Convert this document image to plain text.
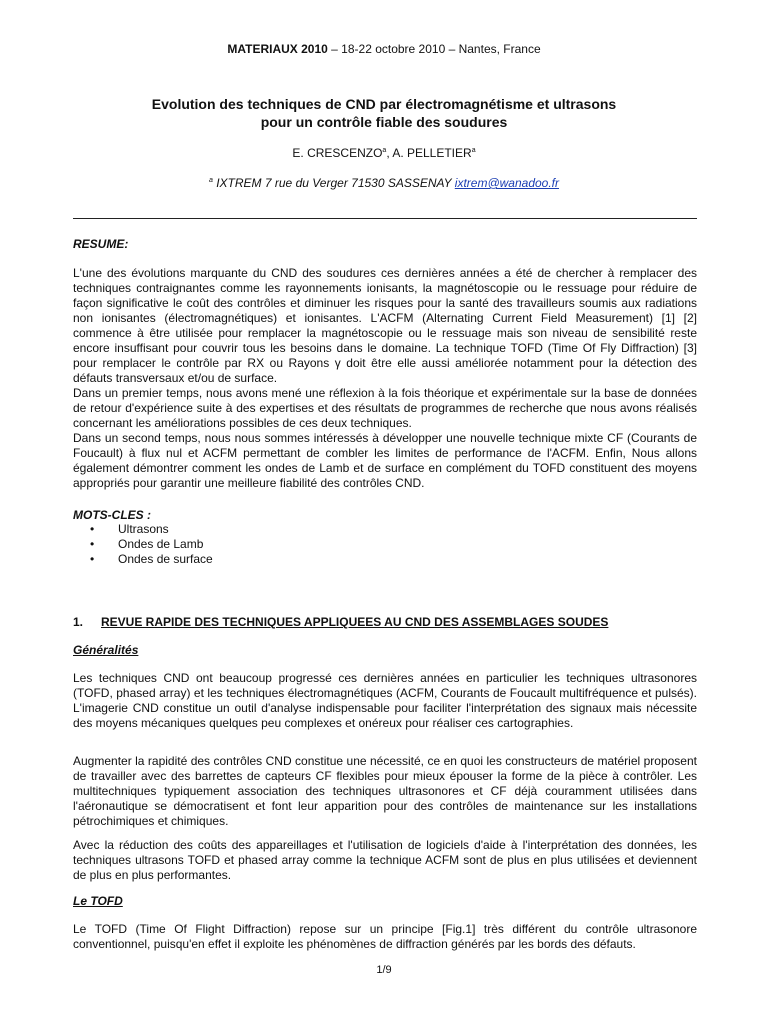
MATERIAUX 2010 – 18-22 octobre 2010 – Nantes, France
Evolution des techniques de CND par électromagnétisme et ultrasons
pour un contrôle fiable des soudures
E. CRESCENZO$^a$, A. PELLETIER$^a$
$^a$ IXTREM 7 rue du Verger 71530 SASSENAY ixtrem@wanadoo.fr
RESUME:

L'une des évolutions marquante du CND des soudures ces dernières années a été de chercher à remplacer des techniques contraignantes comme les rayonnements ionisants, la magnétoscopie ou le ressuage pour réduire de façon significative le coût des contrôles et diminuer les risques pour la santé des travailleurs soumis aux radiations non ionisantes (électromagnétiques) et ionisantes. L'ACFM (Alternating Current Field Measurement) [1] [2] commence à être utilisée pour remplacer la magnétoscopie ou le ressuage mais son niveau de sensibilité reste encore insuffisant pour couvrir tous les besoins dans le domaine. La technique TOFD (Time Of Fly Diffraction) [3] pour remplacer le contrôle par RX ou Rayons γ doit être elle aussi améliorée notamment pour la détection des défauts transversaux et/ou de surface.

Dans un premier temps, nous avons mené une réflexion à la fois théorique et expérimentale sur la base de données de retour d'expérience suite à des expertises et des résultats de programmes de recherche que nous avons réalisés concernant les améliorations possibles de ces deux techniques.

Dans un second temps, nous nous sommes intéressés à développer une nouvelle technique mixte CF (Courants de Foucault) à flux nul et ACFM permettant de combler les limites de performance de l'ACFM. Enfin, Nous allons également démontrer comment les ondes de Lamb et de surface en complément du TOFD constituent des moyens appropriés pour garantir une meilleure fiabilité des contrôles CND.

MOTS-CLES :
•	Ultrasons
•	Ondes de Lamb
•	Ondes de surface
1. REVUE RAPIDE DES TECHNIQUES APPLIQUEES AU CND DES ASSEMBLAGES SOUDES
Généralités
Les techniques CND ont beaucoup progressé ces dernières années en particulier les techniques ultrasonores (TOFD, phased array) et les techniques électromagnétiques (ACFM, Courants de Foucault multifréquence et pulsés). L'imagerie CND constitue un outil d'analyse indispensable pour faciliter l'interprétation des signaux mais nécessite des moyens mécaniques quelques peu complexes et onéreux pour réaliser ces cartographies.
Augmenter la rapidité des contrôles CND constitue une nécessité, ce en quoi les constructeurs de matériel proposent de travailler avec des barrettes de capteurs CF flexibles pour mieux épouser la forme de la pièce à contrôler. Les multitechniques typiquement association des techniques ultrasonores et CF déjà couramment utilisées dans l'aéronautique se démocratisent et font leur apparition pour des contrôles de maintenance sur les installations pétrochimiques et chimiques.
Avec la réduction des coûts des appareillages et l'utilisation de logiciels d'aide à l'interprétation des données, les techniques ultrasons TOFD et phased array comme la technique ACFM sont de plus en plus utilisées et deviennent de plus en plus performantes.
Le TOFD
Le TOFD (Time Of Flight Diffraction) repose sur un principe [Fig.1] très différent du contrôle ultrasonore conventionnel, puisqu'en effet il exploite les phénomènes de diffraction générés par les bords des défauts.
1/9
